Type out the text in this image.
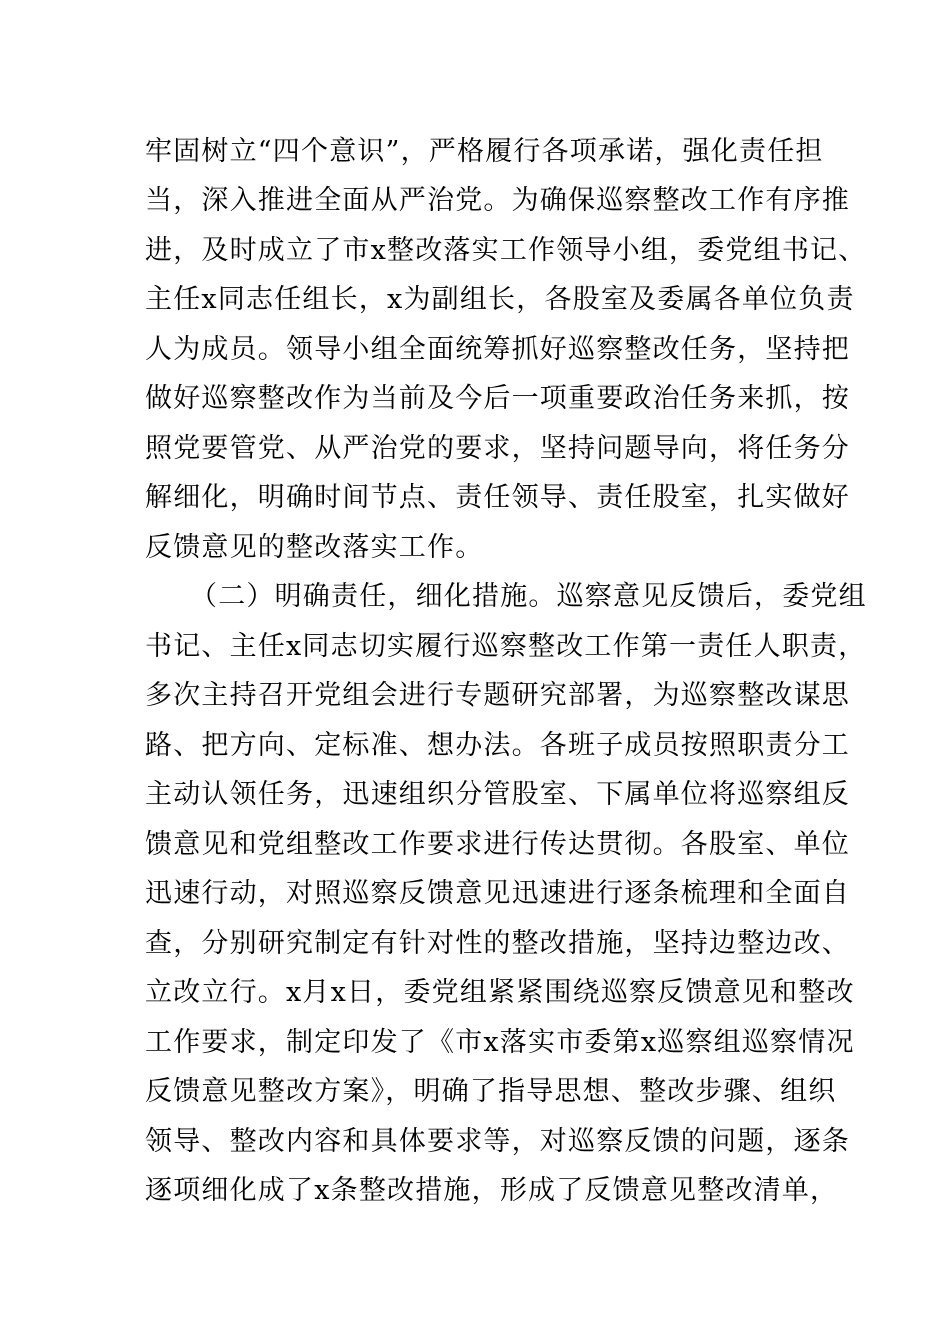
牢固树立“四个意识”，严格履行各项承诺，强化责任担
当，深入推进全面从严治党。为确保巡察整改工作有序推
进，及时成立了市x整改落实工作领导小组，委党组书记、
主任x同志任组长，x为副组长，各股室及委属各单位负责
人为成员。领导小组全面统筹抓好巡察整改任务，坚持把
做好巡察整改作为当前及今后一项重要政治任务来抓，按
照党要管党、从严治党的要求，坚持问题导向，将任务分
解细化，明确时间节点、责任领导、责任股室，扎实做好
反馈意见的整改落实工作。
（二）明确责任，细化措施。巡察意见反馈后，委党组
书记、主任x同志切实履行巡察整改工作第一责任人职责，
多次主持召开党组会进行专题研究部署，为巡察整改谋思
路、把方向、定标准、想办法。各班子成员按照职责分工
主动认领任务，迅速组织分管股室、下属单位将巡察组反
馈意见和党组整改工作要求进行传达贯彻。各股室、单位
迅速行动，对照巡察反馈意见迅速进行逐条梳理和全面自
查，分别研究制定有针对性的整改措施，坚持边整边改、
立改立行。x月x日，委党组紧紧围绕巡察反馈意见和整改
工作要求，制定印发了《市x落实市委第x巡察组巡察情况
反馈意见整改方案》，明确了指导思想、整改步骤、组织
领导、整改内容和具体要求等，对巡察反馈的问题，逐条
逐项细化成了x条整改措施，形成了反馈意见整改清单，
